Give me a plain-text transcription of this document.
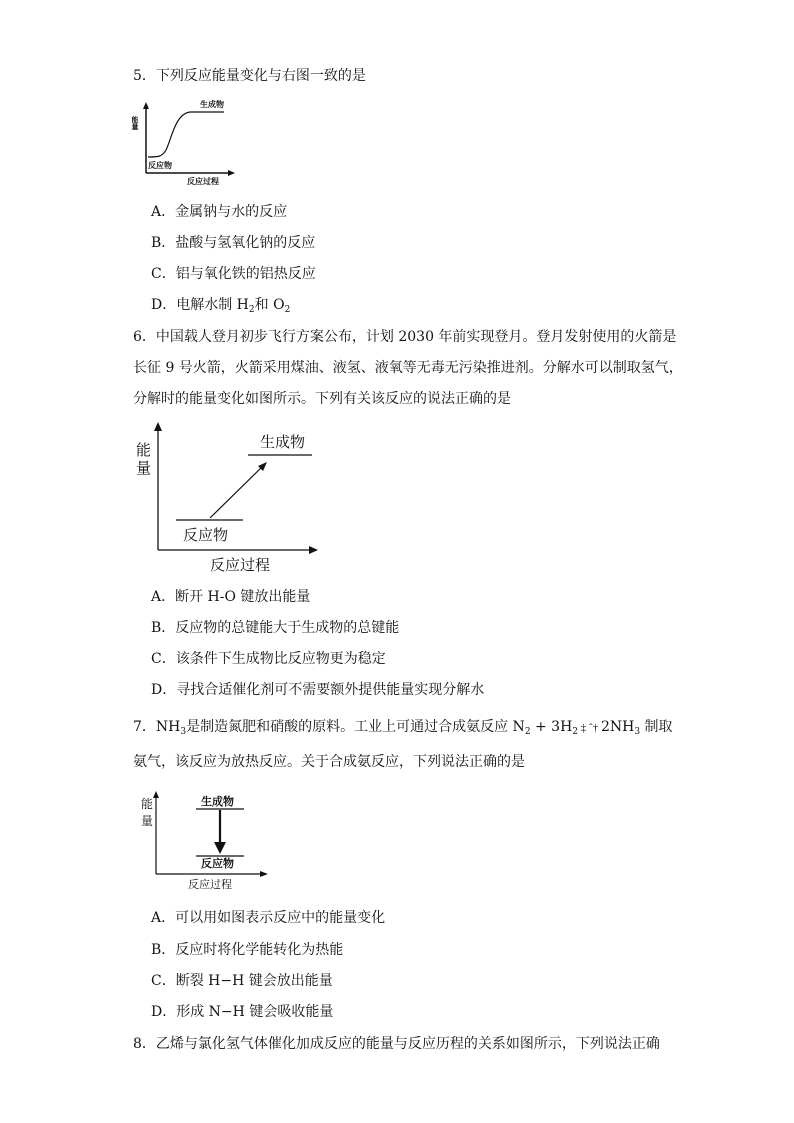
5．下列反应能量变化与右图一致的是
能量
生成物
反应物
反应过程
A．金属钠与水的反应
B．盐酸与氢氧化钠的反应
C．铝与氧化铁的铝热反应
D．电解水制 $H_2$和 $O_2$
6．中国载人登月初步飞行方案公布，计划 2030 年前实现登月。登月发射使用的火箭是
长征 9 号火箭，火箭采用煤油、液氢、液氧等无毒无污染推进剂。分解水可以制取氢气，
分解时的能量变化如图所示。下列有关该反应的说法正确的是
能
量
生成物
反应物
反应过程
A．断开 H-O 键放出能量
B．反应物的总键能大于生成物的总键能
C．该条件下生成物比反应物更为稳定
D．寻找合适催化剂可不需要额外提供能量实现分解水
7．$NH_3$是制造氮肥和硝酸的原料。工业上可通过合成氨反应 $N_2 + 3H_2$ ‡ ˆ† $2NH_3$ 制取
氨气，该反应为放热反应。关于合成氨反应，下列说法正确的是
能
量
生成物
反应物
反应过程
A．可以用如图表示反应中的能量变化
B．反应时将化学能转化为热能
C．断裂 H−H 键会放出能量
D．形成 N−H 键会吸收能量
8．乙烯与氯化氢气体催化加成反应的能量与反应历程的关系如图所示，下列说法正确
